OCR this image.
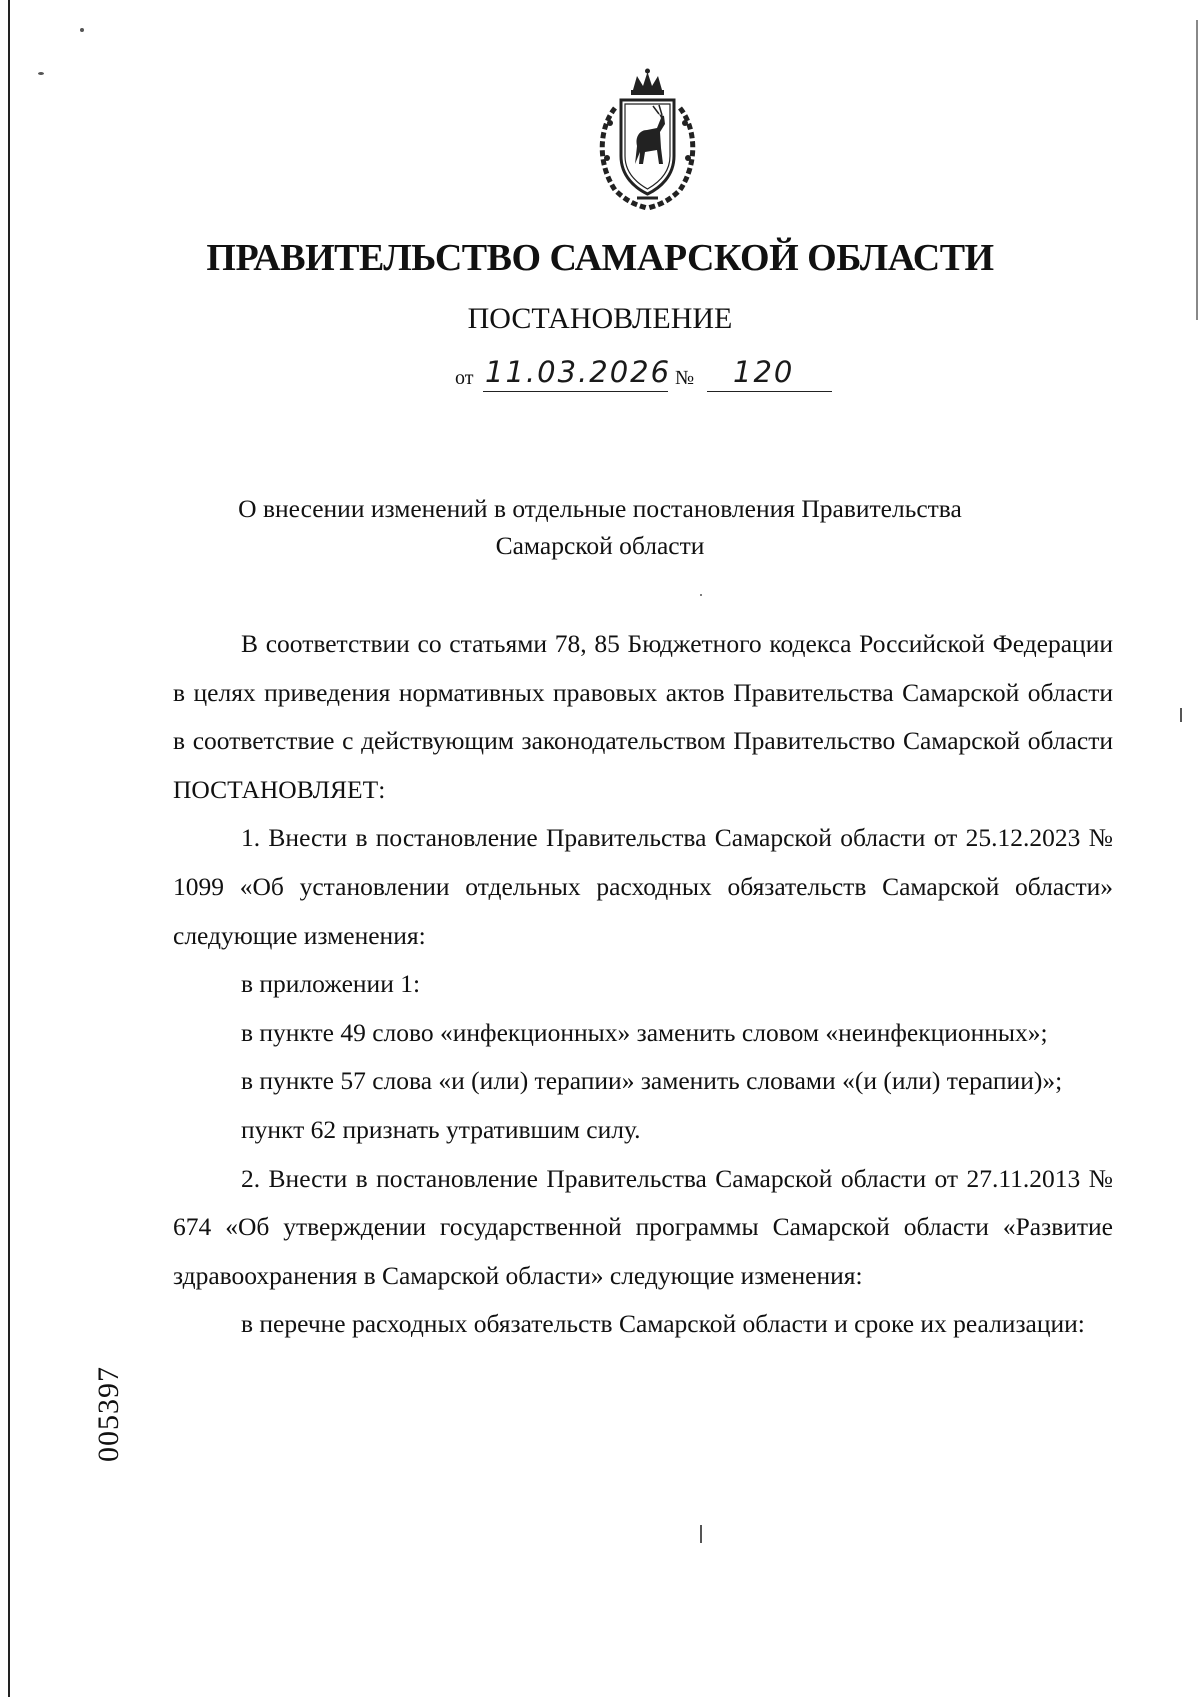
ПРАВИТЕЛЬСТВО САМАРСКОЙ ОБЛАСТИ
ПОСТАНОВЛЕНИЕ
от 11.03.2026 № 120
О внесении изменений в отдельные постановления Правительства
Самарской области

В соответствии со статьями 78, 85 Бюджетного кодекса Российской Федерации в целях приведения нормативных правовых актов Правительства Самарской области в соответствие с действующим законодательством Правительство Самарской области ПОСТАНОВЛЯЕТ:

1. Внести в постановление Правительства Самарской области от 25.12.2023 № 1099 «Об установлении отдельных расходных обязательств Самарской области» следующие изменения:

в приложении 1:

в пункте 49 слово «инфекционных» заменить словом «неинфекционных»;

в пункте 57 слова «и (или) терапии» заменить словами «(и (или) терапии)»;

пункт 62 признать утратившим силу.

2. Внести в постановление Правительства Самарской области от 27.11.2013 № 674 «Об утверждении государственной программы Самарской области «Развитие здравоохранения в Самарской области» следующие изменения:

в перечне расходных обязательств Самарской области и сроке их реализации:

005397
